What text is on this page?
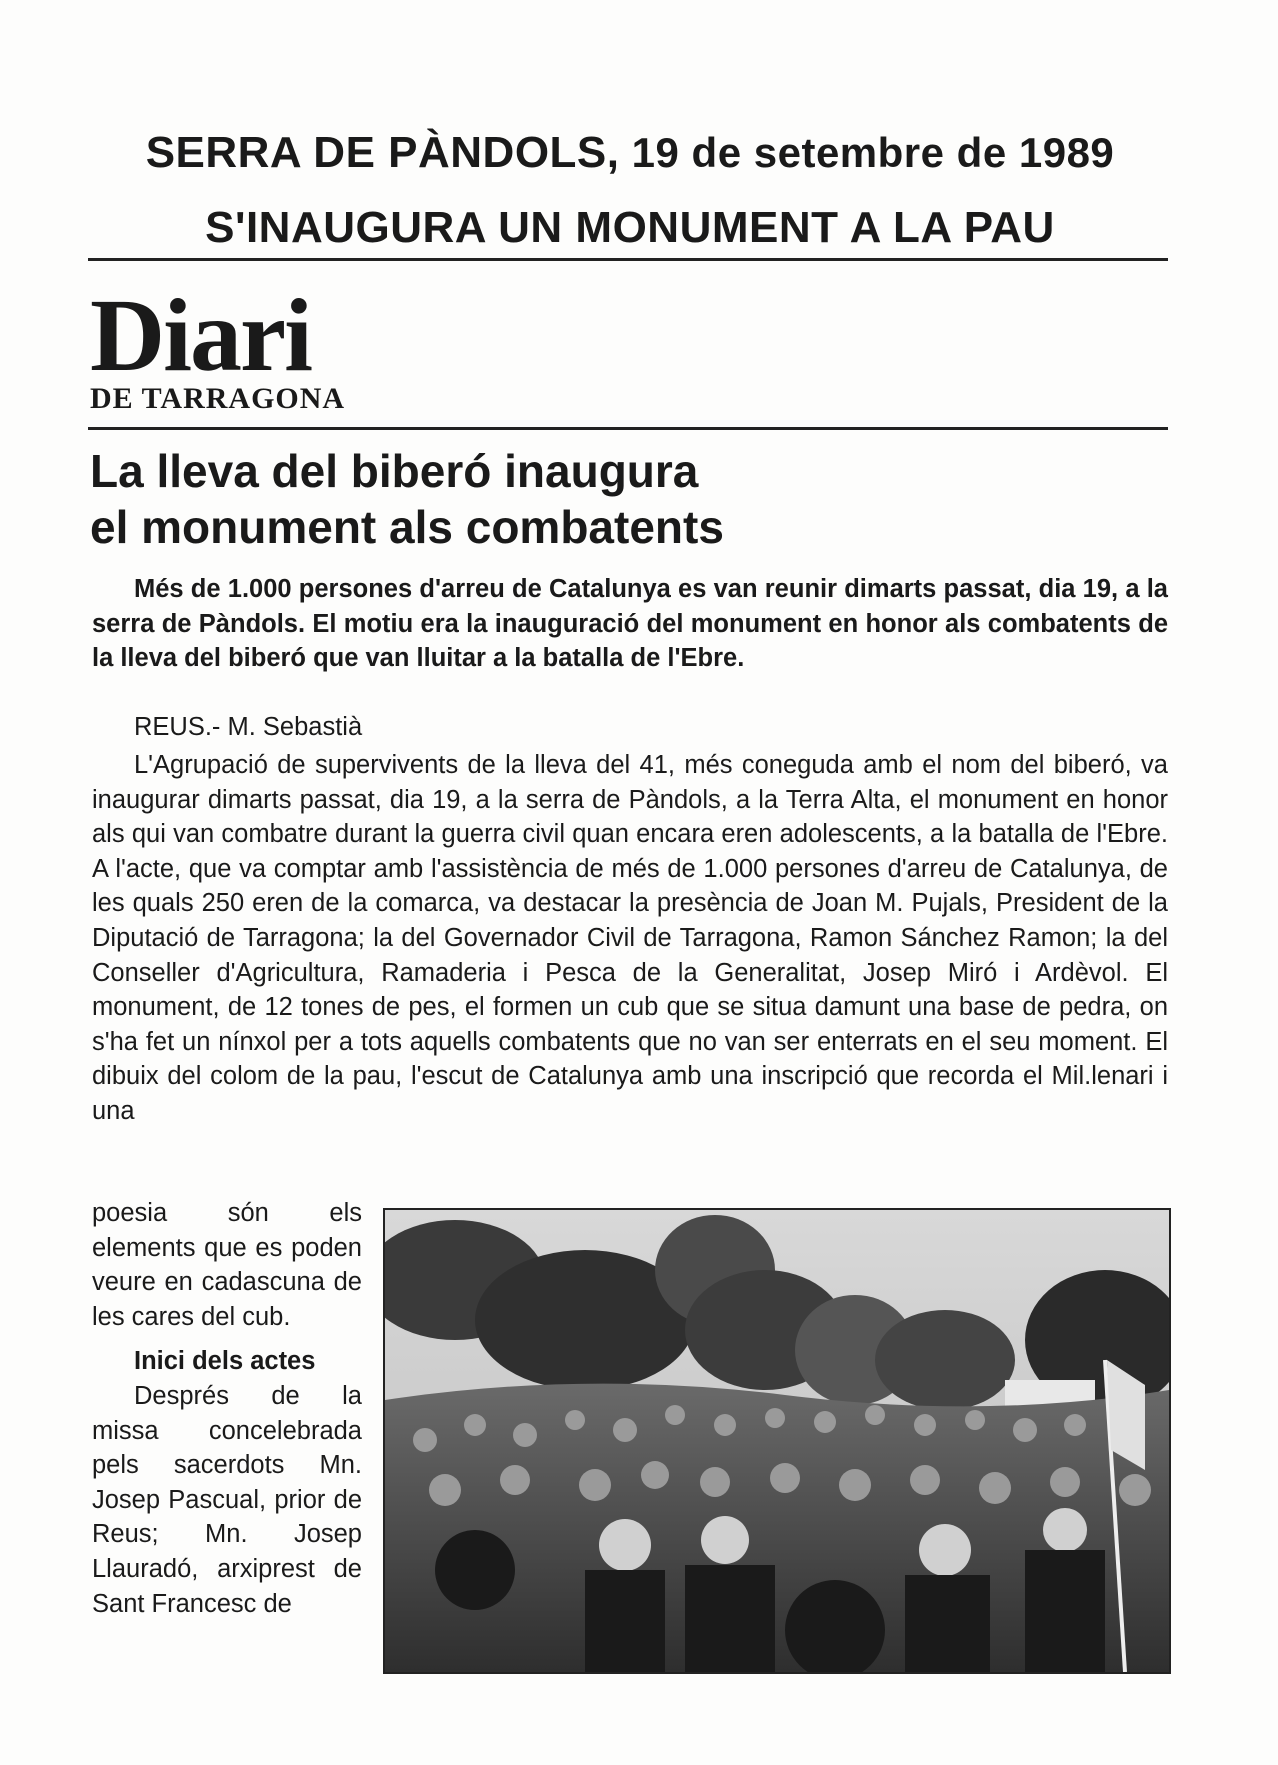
SERRA DE PÀNDOLS, 19 de setembre de 1989
S'INAUGURA UN MONUMENT A LA PAU
Diari
DE TARRAGONA
La lleva del biberó inaugura
el monument als combatents
Més de 1.000 persones d'arreu de Catalunya es van reunir dimarts passat, dia 19, a la serra de Pàndols. El motiu era la inauguració del monument en honor als combatents de la lleva del biberó que van lluitar a la batalla de l'Ebre.
REUS.- M. Sebastià
L'Agrupació de supervivents de la lleva del 41, més coneguda amb el nom del biberó, va inaugurar dimarts passat, dia 19, a la serra de Pàndols, a la Terra Alta, el monument en honor als qui van combatre durant la guerra civil quan encara eren adolescents, a la batalla de l'Ebre. A l'acte, que va comptar amb l'assistència de més de 1.000 persones d'arreu de Catalunya, de les quals 250 eren de la comarca, va destacar la presència de Joan M. Pujals, President de la Diputació de Tarragona; la del Governador Civil de Tarragona, Ramon Sánchez Ramon; la del Conseller d'Agricultura, Ramaderia i Pesca de la Generalitat, Josep Miró i Ardèvol. El monument, de 12 tones de pes, el formen un cub que se situa damunt una base de pedra, on s'ha fet un nínxol per a tots aquells combatents que no van ser enterrats en el seu moment. El dibuix del colom de la pau, l'escut de Catalunya amb una inscripció que recorda el Mil.lenari i una

poesia són els elements que es poden veure en cadascuna de les cares del cub.

Inici dels actes

Després de la missa concelebrada pels sacerdots Mn. Josep Pascual, prior de Reus; Mn. Josep Llauradó, arxiprest de Sant Francesc de
